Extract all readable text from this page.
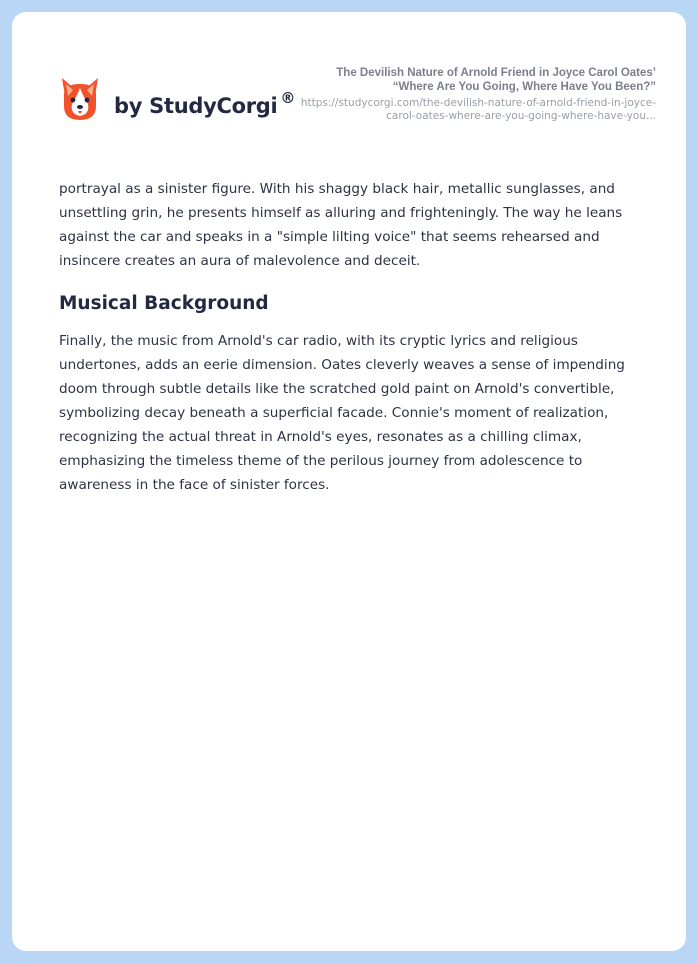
by StudyCorgi ®
The Devilish Nature of Arnold Friend in Joyce Carol Oates’ “Where Are You Going, Where Have You Been?”
https://studycorgi.com/the-devilish-nature-of-arnold-friend-in-joyce-carol-oates-where-are-you-going-where-have-you...

portrayal as a sinister figure. With his shaggy black hair, metallic sunglasses, and unsettling grin, he presents himself as alluring and frighteningly. The way he leans against the car and speaks in a "simple lilting voice" that seems rehearsed and insincere creates an aura of malevolence and deceit.

Musical Background

Finally, the music from Arnold's car radio, with its cryptic lyrics and religious undertones, adds an eerie dimension. Oates cleverly weaves a sense of impending doom through subtle details like the scratched gold paint on Arnold's convertible, symbolizing decay beneath a superficial facade. Connie's moment of realization, recognizing the actual threat in Arnold's eyes, resonates as a chilling climax, emphasizing the timeless theme of the perilous journey from adolescence to awareness in the face of sinister forces.
